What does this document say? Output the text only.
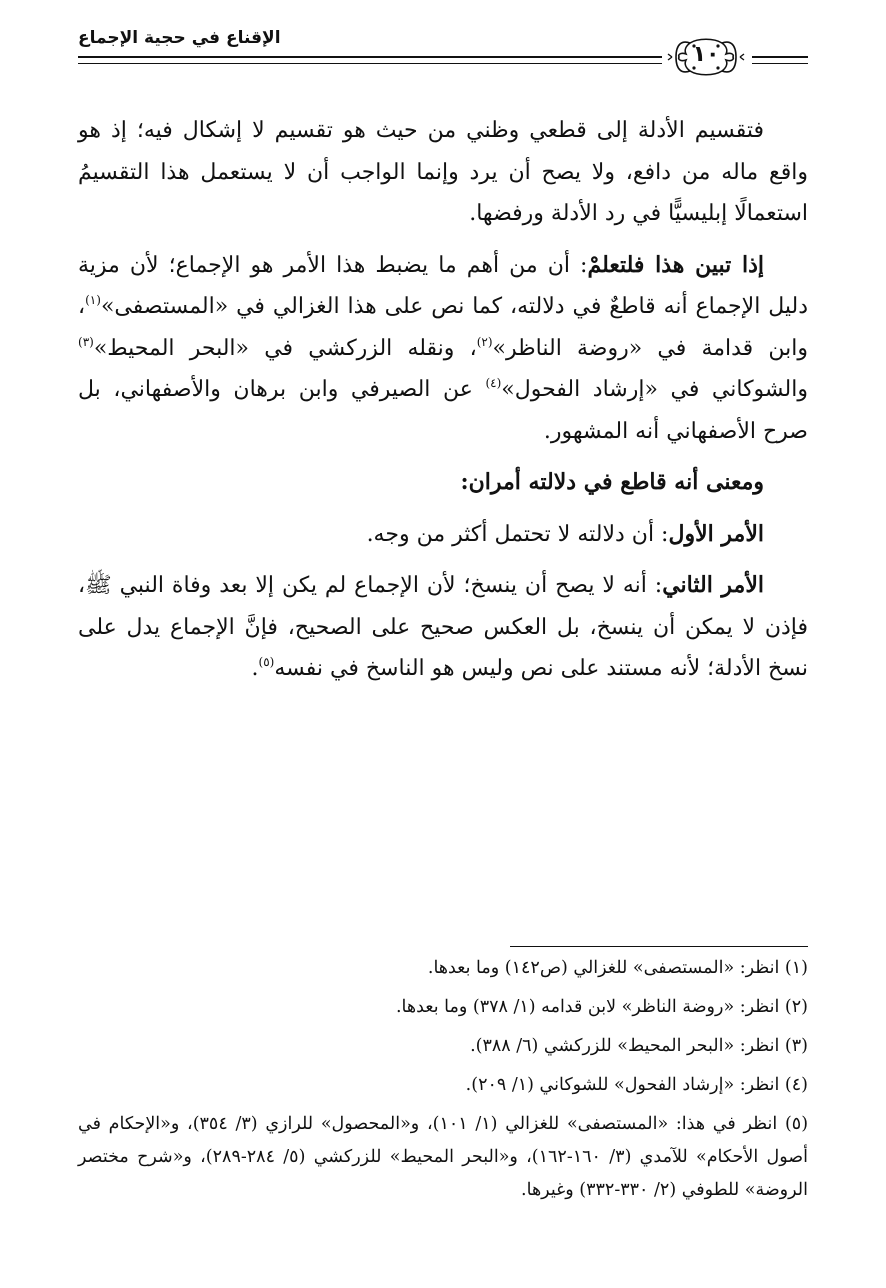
الإقناع في حجية الإجماع
١٠

فتقسيم الأدلة إلى قطعي وظني من حيث هو تقسيم لا إشكال فيه؛ إذ هو واقع ماله من دافع، ولا يصح أن يرد وإنما الواجب أن لا يستعمل هذا التقسيمُ استعمالًا إبليسيًّا في رد الأدلة ورفضها.

إذا تبين هذا فلتعلمْ: أن من أهم ما يضبط هذا الأمر هو الإجماع؛ لأن مزية دليل الإجماع أنه قاطعٌ في دلالته، كما نص على هذا الغزالي في «المستصفى»$^{(١)}$، وابن قدامة في «روضة الناظر»$^{(٢)}$، ونقله الزركشي في «البحر المحيط»$^{(٣)}$ والشوكاني في «إرشاد الفحول»$^{(٤)}$ عن الصيرفي وابن برهان والأصفهاني، بل صرح الأصفهاني أنه المشهور.

ومعنى أنه قاطع في دلالته أمران:

الأمر الأول: أن دلالته لا تحتمل أكثر من وجه.

الأمر الثاني: أنه لا يصح أن ينسخ؛ لأن الإجماع لم يكن إلا بعد وفاة النبي ﷺ، فإذن لا يمكن أن ينسخ، بل العكس صحيح على الصحيح، فإنَّ الإجماع يدل على نسخ الأدلة؛ لأنه مستند على نص وليس هو الناسخ في نفسه$^{(٥)}$.

(١) انظر: «المستصفى» للغزالي (ص١٤٢) وما بعدها.

(٢) انظر: «روضة الناظر» لابن قدامه (١/ ٣٧٨) وما بعدها.

(٣) انظر: «البحر المحيط» للزركشي (٦/ ٣٨٨).

(٤) انظر: «إرشاد الفحول» للشوكاني (١/ ٢٠٩).

(٥) انظر في هذا: «المستصفى» للغزالي (١/ ١٠١)، و«المحصول» للرازي (٣/ ٣٥٤)، و«الإحكام في أصول الأحكام» للآمدي (٣/ ١٦٠-١٦٢)، و«البحر المحيط» للزركشي (٥/ ٢٨٤-٢٨٩)، و«شرح مختصر الروضة» للطوفي (٢/ ٣٣٠-٣٣٢) وغيرها.
